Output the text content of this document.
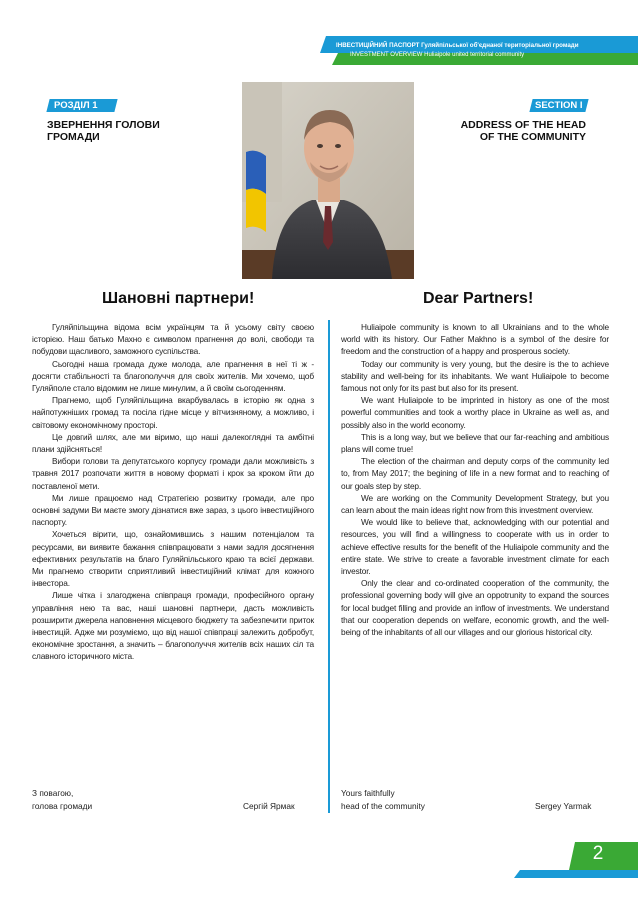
ІНВЕСТИЦІЙНИЙ ПАСПОРТ Гуляйпільської об'єднаної територіальної громади
INVESTMENT OVERVIEW Huliaipole united territorial community
РОЗДІЛ 1
ЗВЕРНЕННЯ ГОЛОВИ ГРОМАДИ
SECTION I
ADDRESS OF THE HEAD
OF THE COMMUNITY
Шановні партнери!	Dear Partners!

Гуляйпільщина відома всім українцям та й усьому світу своєю історією. Наш батько Махно є символом прагнення до волі, свободи та побудови щасливого, заможного суспільства.

Сьогодні наша громада дуже молода, але прагнення в неї ті ж - досягти стабільності та благополуччя для своїх жителів. Ми хочемо, щоб Гуляйполе стало відомим не лише минулим, а й своїм сьогоденням.

Прагнемо, щоб Гуляйпільщина вкарбувалась в історію як одна з найпотужніших громад та посіла гідне місце у вітчизняному, а можливо, і світовому економічному просторі.

Це довгий шлях, але ми віримо, що наші далекоглядні та амбітні плани здійсняться!

Вибори голови та депутатського корпусу громади дали можливість з травня 2017 розпочати життя в новому форматі і крок за кроком йти до поставленої мети.

Ми лише працюємо над Стратегією розвитку громади, але про основні задуми Ви маєте змогу дізнатися вже зараз, з цього інвестиційного паспорту.

Хочеться вірити, що, ознайомившись з нашим потенціалом та ресурсами, ви виявите бажання співпрацювати з нами задля досягнення ефективних результатів на благо Гуляйпільського краю та всієї держави. Ми прагнемо створити сприятливий інвестиційний клімат для кожного інвестора.

Лише чітка і злагоджена співпраця громади, професійного органу управління нею та вас, наші шановні партнери, дасть можливість розширити джерела наповнення місцевого бюджету та забезпечити приток інвестицій. Адже ми розуміємо, що від нашої співпраці залежить добробут, економічне зростання, а значить – благополуччя жителів всіх наших сіл та славного історичного міста.

Huliaipole community is known to all Ukrainians and to the whole world with its history. Our Father Makhno is a symbol of the desire for freedom and the construction of a happy and prosperous society.

Today our community is very young, but the desire is the to achieve stability and well-being for its inhabitants. We want Huliaipole to become famous not only for its past but also for its present.

We want Huliaipole to be imprinted in history as one of the most powerful communities and took a worthy place in Ukraine as well as, and possibly also in the world economy.

This is a long way, but we believe that our far-reaching and ambitious plans will come true!

The election of the chairman and deputy corps of the community led to, from May 2017; the begining of life in a new format and to reaching of our goals step by step.

We are working on the Community Development Strategy, but you can learn about the main ideas right now from this investment overview.

We would like to believe that, acknowledging with our potential and resources, you will find a willingness to cooperate with us in order to achieve effective results for the benefit of the Huliaipole community and the entire state. We strive to create a favorable investment climate for each investor.

Only the clear and co-ordinated cooperation of the community, the professional governing body will give an oppotrunity to expand the sources for local budget filling and provide an inflow of investments. We understand that our cooperation depends on welfare, economic growth, and the well-being of the inhabitants of all our villages and our glorious historical city.

З повагою,
голова громади	Сергій Ярмак
Yours faithfully
head of the community	Sergey Yarmak
2
